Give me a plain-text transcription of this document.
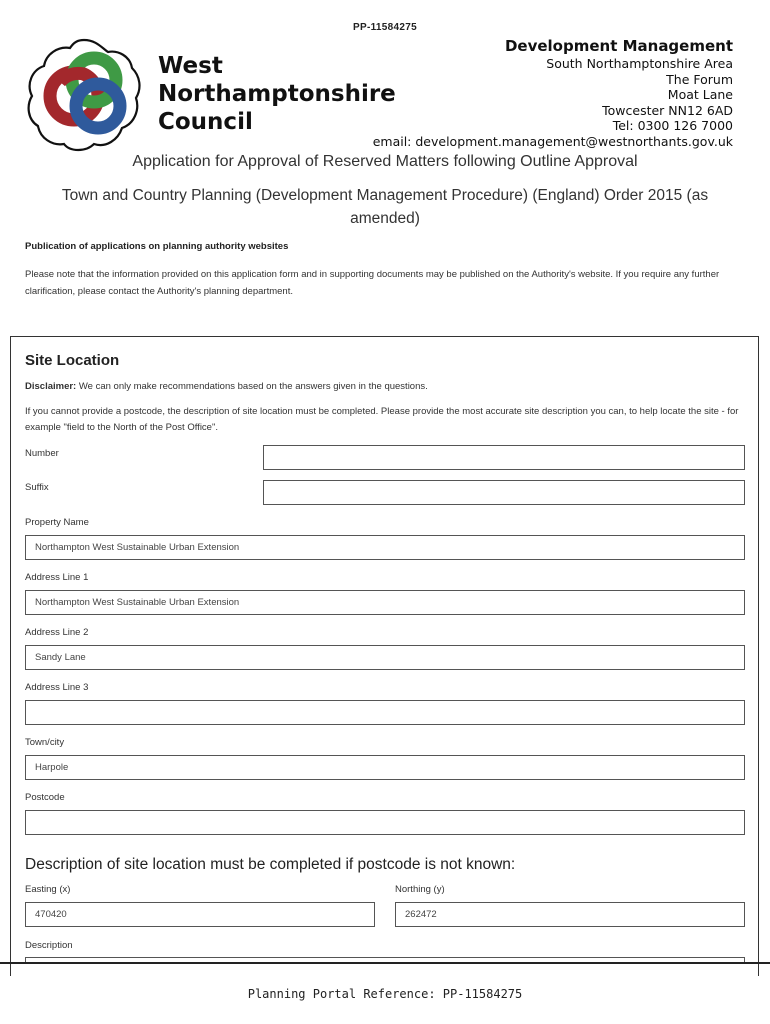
PP-11584275
West
Northamptonshire
Council
Development Management
South Northamptonshire Area
The Forum
Moat Lane
Towcester NN12 6AD
Tel: 0300 126 7000
email: development.management@westnorthants.gov.uk
Application for Approval of Reserved Matters following Outline Approval
Town and Country Planning (Development Management Procedure) (England) Order 2015 (as amended)
Publication of applications on planning authority websites
Please note that the information provided on this application form and in supporting documents may be published on the Authority's website. If you require any further clarification, please contact the Authority's planning department.
Site Location
Disclaimer: We can only make recommendations based on the answers given in the questions.
If you cannot provide a postcode, the description of site location must be completed. Please provide the most accurate site description you can, to help locate the site - for example "field to the North of the Post Office".
Number
Suffix
Property Name
Northampton West Sustainable Urban Extension
Address Line 1
Northampton West Sustainable Urban Extension
Address Line 2
Sandy Lane
Address Line 3
Town/city
Harpole
Postcode
Description of site location must be completed if postcode is not known:
Easting (x)
470420
Northing (y)
262472
Description
Planning Portal Reference: PP-11584275
